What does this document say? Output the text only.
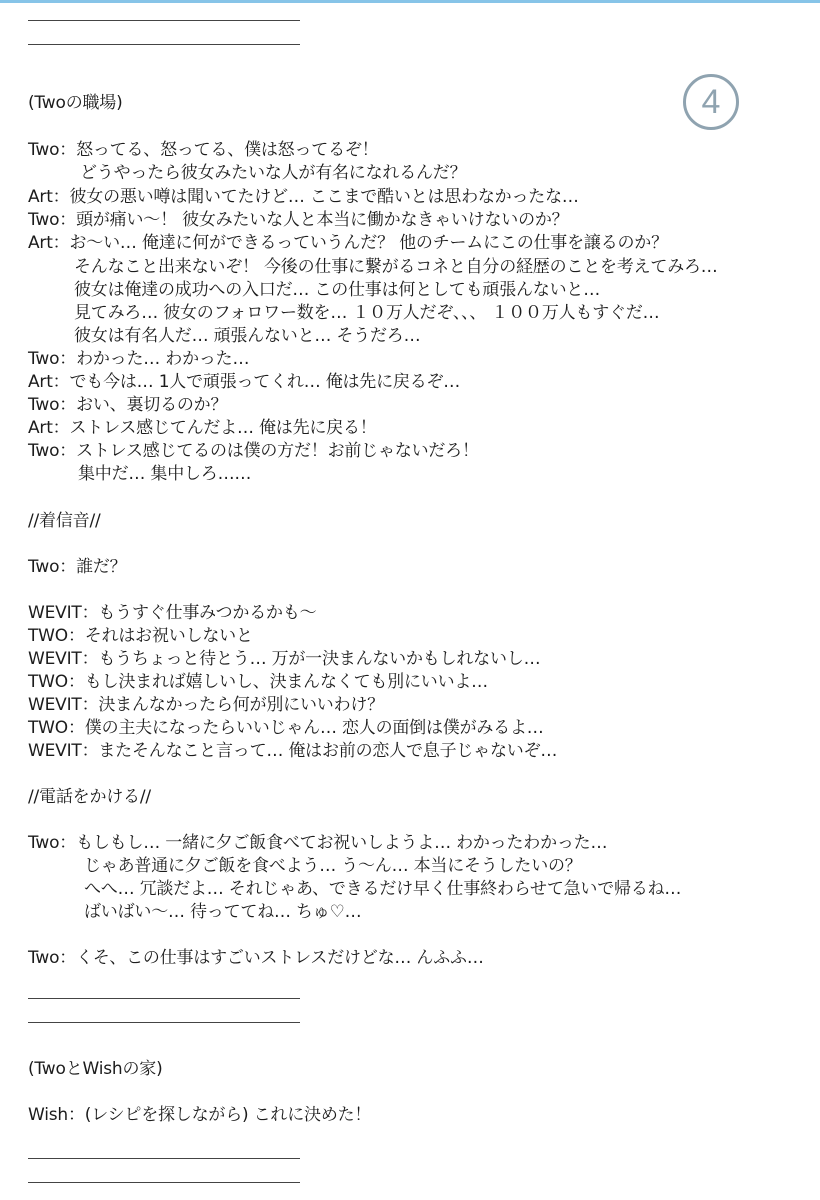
4
(Twoの職場)
Two：怒ってる、怒ってる、僕は怒ってるぞ！
どうやったら彼女みたいな人が有名になれるんだ？
Art：彼女の悪い噂は聞いてたけど… ここまで酷いとは思わなかったな…
Two：頭が痛い〜！ 彼女みたいな人と本当に働かなきゃいけないのか？
Art：お〜い… 俺達に何ができるっていうんだ？ 他のチームにこの仕事を譲るのか？
そんなこと出来ないぞ！ 今後の仕事に繋がるコネと自分の経歴のことを考えてみろ…
彼女は俺達の成功への入口だ… この仕事は何としても頑張んないと…
見てみろ… 彼女のフォロワー数を… １０万人だぞ、、、 １００万人もすぐだ…
彼女は有名人だ… 頑張んないと… そうだろ…
Two：わかった… わかった…
Art：でも今は… 1人で頑張ってくれ… 俺は先に戻るぞ…
Two：おい、裏切るのか？
Art：ストレス感じてんだよ… 俺は先に戻る！
Two：ストレス感じてるのは僕の方だ！お前じゃないだろ！
集中だ… 集中しろ……
//着信音//
Two：誰だ？
WEVIT：もうすぐ仕事みつかるかも〜
TWO：それはお祝いしないと
WEVIT：もうちょっと待とう… 万が一決まんないかもしれないし…
TWO：もし決まれば嬉しいし、決まんなくても別にいいよ…
WEVIT：決まんなかったら何が別にいいわけ？
TWO：僕の主夫になったらいいじゃん… 恋人の面倒は僕がみるよ…
WEVIT：またそんなこと言って… 俺はお前の恋人で息子じゃないぞ…
//電話をかける//
Two：もしもし… 一緒に夕ご飯食べてお祝いしようよ… わかったわかった…
じゃあ普通に夕ご飯を食べよう… う〜ん… 本当にそうしたいの？
へへ… 冗談だよ… それじゃあ、できるだけ早く仕事終わらせて急いで帰るね…
ばいばい〜… 待っててね… ちゅ♡…
Two：くそ、この仕事はすごいストレスだけどな… んふふ…
(TwoとWishの家)
Wish：(レシピを探しながら) これに決めた！
